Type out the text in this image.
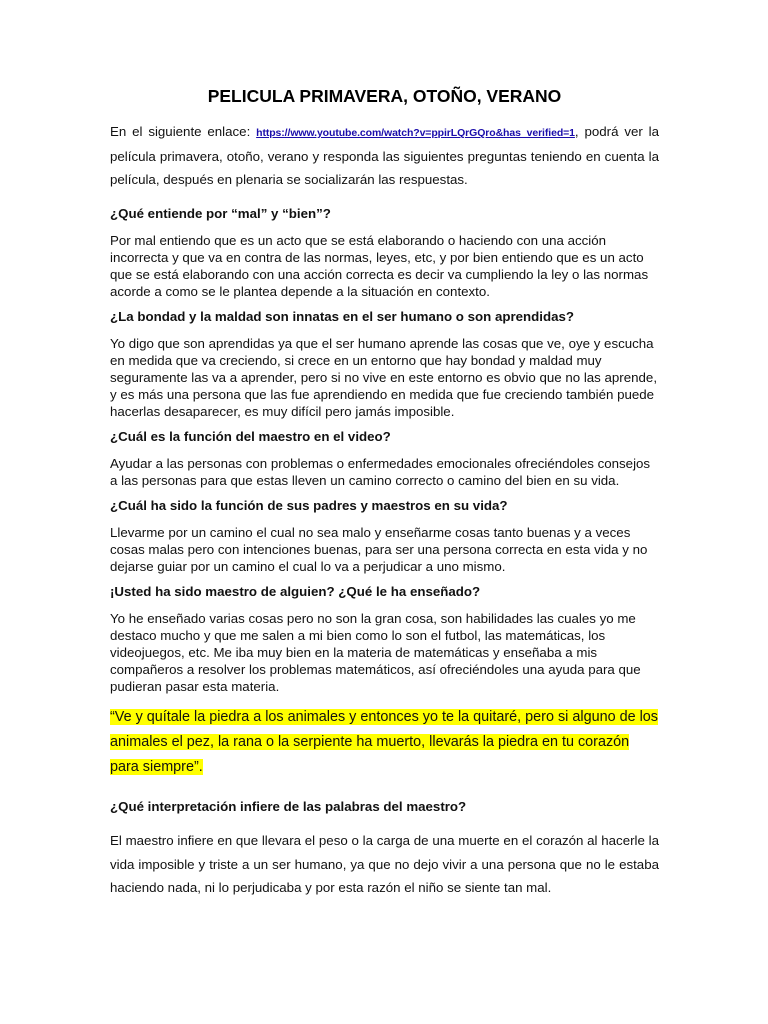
PELICULA PRIMAVERA, OTOÑO, VERANO

En el siguiente enlace: https://www.youtube.com/watch?v=ppirLQrGQro&has_verified=1, podrá ver la película primavera, otoño, verano y responda las siguientes preguntas teniendo en cuenta la película, después en plenaria se socializarán las respuestas.

¿Qué entiende por “mal” y “bien”?

Por mal entiendo que es un acto que se está elaborando o haciendo con una acción incorrecta y que va en contra de las normas, leyes, etc, y por bien entiendo que es un acto que se está elaborando con una acción correcta es decir va cumpliendo la ley o las normas acorde a como se le plantea depende a la situación en contexto.

¿La bondad y la maldad son innatas en el ser humano o son aprendidas?

Yo digo que son aprendidas ya que el ser humano aprende las cosas que ve, oye y escucha en medida que va creciendo, si crece en un entorno que hay bondad y maldad muy seguramente las va a aprender, pero si no vive en este entorno es obvio que no las aprende, y es más una persona que las fue aprendiendo en medida que fue creciendo también puede hacerlas desaparecer, es muy difícil pero jamás imposible.

¿Cuál es la función del maestro en el video?

Ayudar a las personas con problemas o enfermedades emocionales ofreciéndoles consejos a las personas para que estas lleven un camino correcto o camino del bien en su vida.

¿Cuál ha sido la función de sus padres y maestros en su vida?

Llevarme por un camino el cual no sea malo y enseñarme cosas tanto buenas y a veces cosas malas pero con intenciones buenas, para ser una persona correcta en esta vida y no dejarse guiar por un camino el cual lo va a perjudicar a uno mismo.

¡Usted ha sido maestro de alguien? ¿Qué le ha enseñado?

Yo he enseñado varias cosas pero no son la gran cosa, son habilidades las cuales yo me destaco mucho y que me salen a mi bien como lo son el futbol, las matemáticas, los videojuegos, etc. Me iba muy bien en la materia de matemáticas y enseñaba a mis compañeros a resolver los problemas matemáticos, así ofreciéndoles una ayuda para que pudieran pasar esta materia.

“Ve y quítale la piedra a los animales y entonces yo te la quitaré, pero si alguno de los animales el pez, la rana o la serpiente ha muerto, llevarás la piedra en tu corazón para siempre”.

¿Qué interpretación infiere de las palabras del maestro?

El maestro infiere en que llevara el peso o la carga de una muerte en el corazón al hacerle la vida imposible y triste a un ser humano, ya que no dejo vivir a una persona que no le estaba haciendo nada, ni lo perjudicaba y por esta razón el niño se siente tan mal.
